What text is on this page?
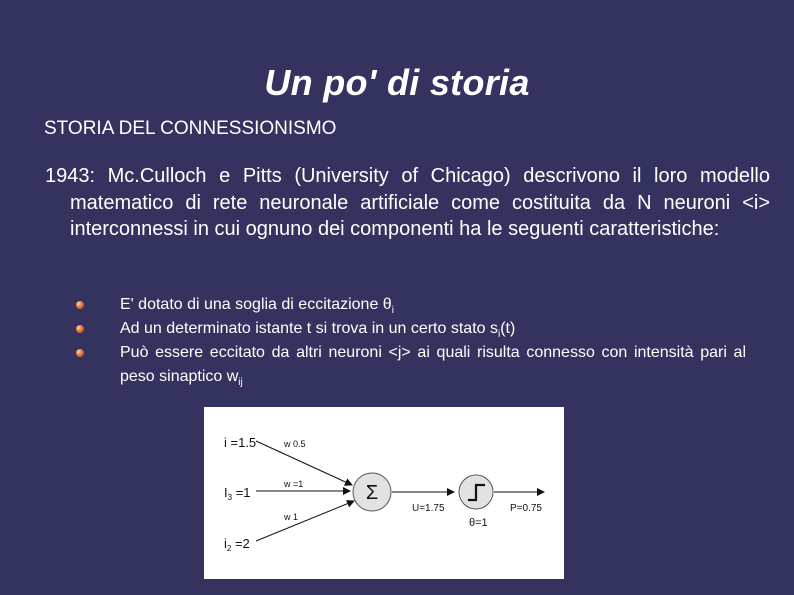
Un po' di storia
STORIA DEL CONNESSIONISMO
1943: Mc.Culloch e Pitts (University of Chicago) descrivono il loro modello matematico di rete neuronale artificiale come costituita da N neuroni <i> interconnessi in cui ognuno dei componenti ha le seguenti caratteristiche:
E' dotato di una soglia di eccitazione $\theta_i$
Ad un determinato istante t si trova in un certo stato $s_i(t)$
Può essere eccitato da altri neuroni <j> ai quali risulta connesso con intensità pari al peso sinaptico $w_{ij}$
i =1.5
$I_3 =1$
$i_2 =2$
w 0.5
w =1
w 1
Σ
U=1.75
θ=1
P=0.75
